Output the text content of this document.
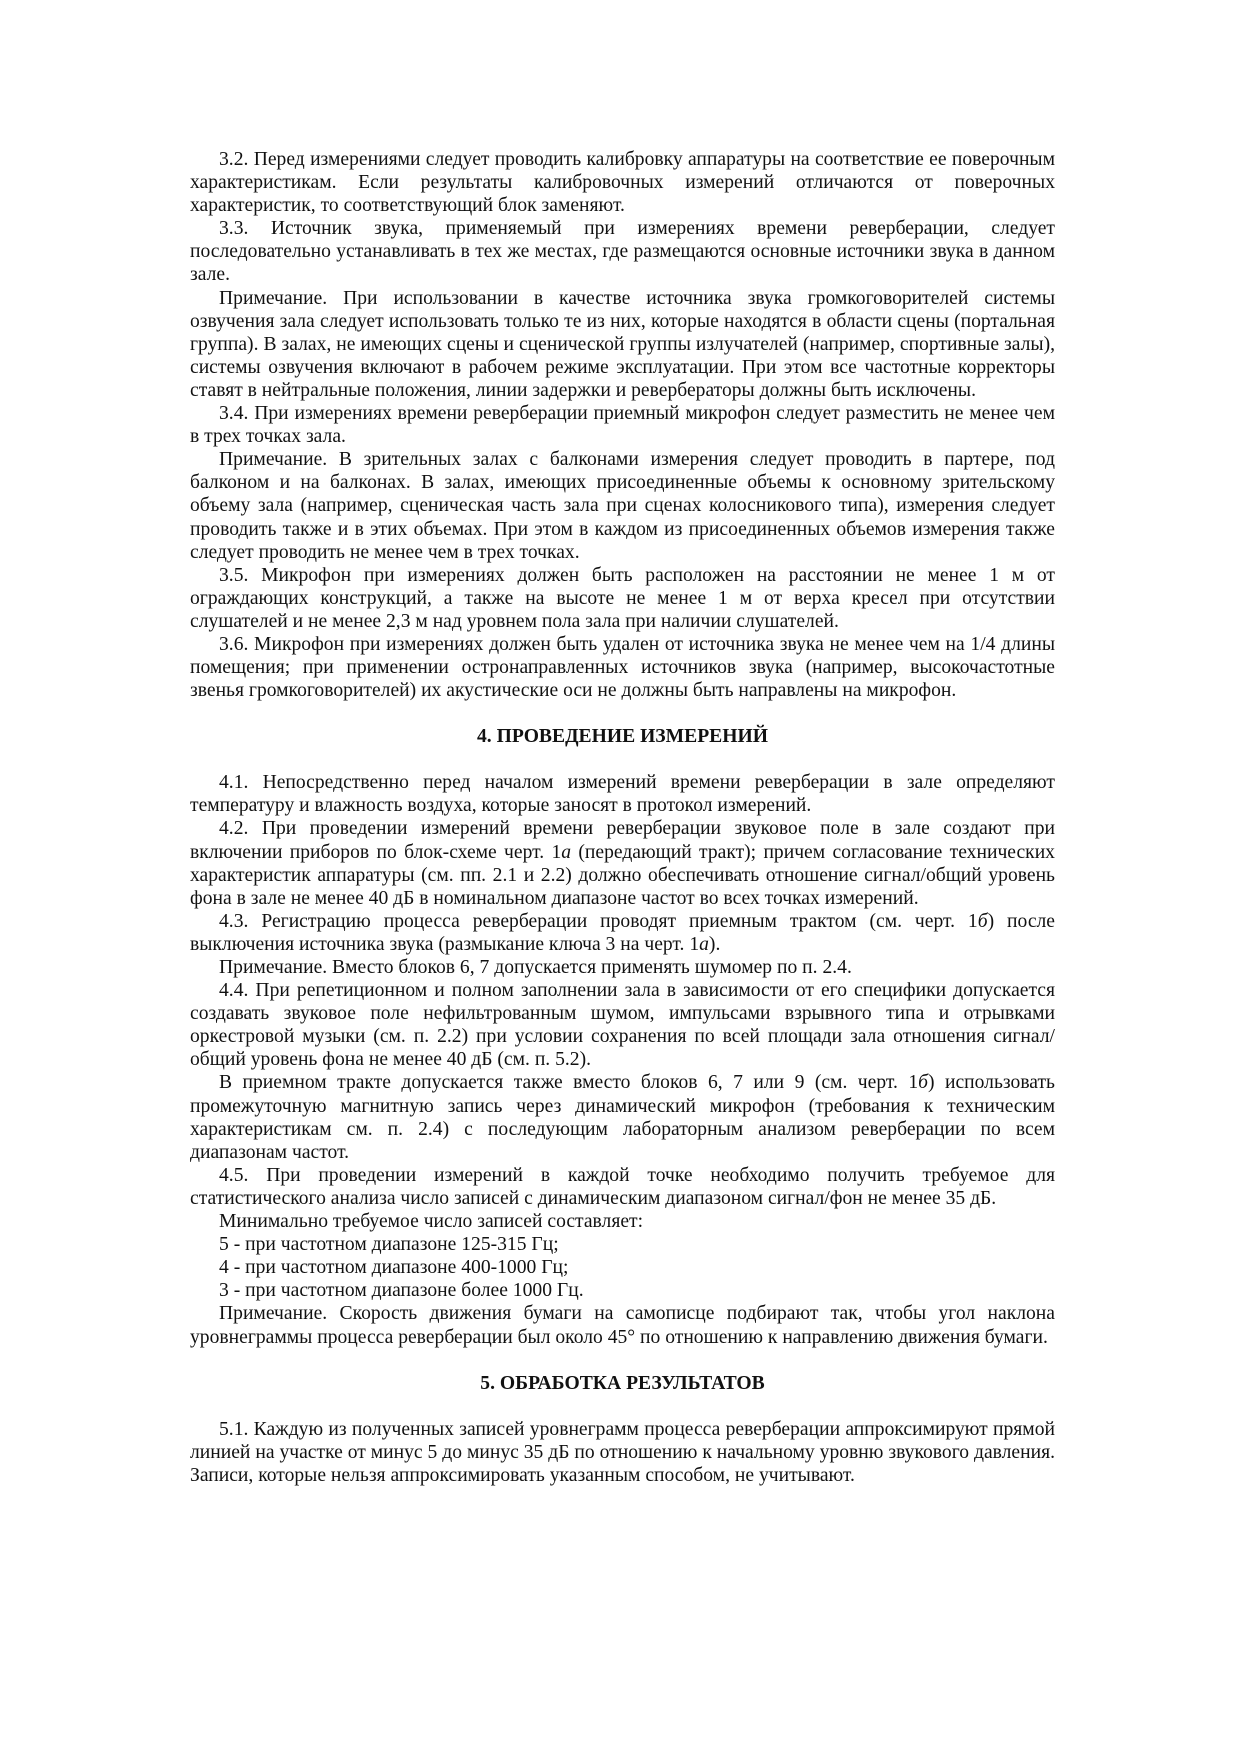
3.2. Перед измерениями следует проводить калибровку аппаратуры на соответствие ее поверочным характеристикам. Если результаты калибровочных измерений отличаются от поверочных характеристик, то соответствующий блок заменяют.

3.3. Источник звука, применяемый при измерениях времени реверберации, следует последовательно устанавливать в тех же местах, где размещаются основные источники звука в данном зале.

Примечание. При использовании в качестве источника звука громкоговорителей системы озвучения зала следует использовать только те из них, которые находятся в области сцены (портальная группа). В залах, не имеющих сцены и сценической группы излучателей (например, спортивные залы), системы озвучения включают в рабочем режиме эксплуатации. При этом все частотные корректоры ставят в нейтральные положения, линии задержки и ревербераторы должны быть исключены.

3.4. При измерениях времени реверберации приемный микрофон следует разместить не менее чем в трех точках зала.

Примечание. В зрительных залах с балконами измерения следует проводить в партере, под балконом и на балконах. В залах, имеющих присоединенные объемы к основному зрительскому объему зала (например, сценическая часть зала при сценах колосникового типа), измерения следует проводить также и в этих объемах. При этом в каждом из присоединенных объемов измерения также следует проводить не менее чем в трех точках.

3.5. Микрофон при измерениях должен быть расположен на расстоянии не менее 1 м от ограждающих конструкций, а также на высоте не менее 1 м от верха кресел при отсутствии слушателей и не менее 2,3 м над уровнем пола зала при наличии слушателей.

3.6. Микрофон при измерениях должен быть удален от источника звука не менее чем на 1/4 длины помещения; при применении остронаправленных источников звука (например, высокочастотные звенья громкоговорителей) их акустические оси не должны быть направлены на микрофон.

4. ПРОВЕДЕНИЕ ИЗМЕРЕНИЙ

4.1. Непосредственно перед началом измерений времени реверберации в зале определяют температуру и влажность воздуха, которые заносят в протокол измерений.

4.2. При проведении измерений времени реверберации звуковое поле в зале создают при включении приборов по блок-схеме черт. 1а (передающий тракт); причем согласование технических характеристик аппаратуры (см. пп. 2.1 и 2.2) должно обеспечивать отношение сигнал/общий уровень фона в зале не менее 40 дБ в номинальном диапазоне частот во всех точках измерений.

4.3. Регистрацию процесса реверберации проводят приемным трактом (см. черт. 1б) после выключения источника звука (размыкание ключа 3 на черт. 1а).

Примечание. Вместо блоков 6, 7 допускается применять шумомер по п. 2.4.

4.4. При репетиционном и полном заполнении зала в зависимости от его специфики допускается создавать звуковое поле нефильтрованным шумом, импульсами взрывного типа и отрывками оркестровой музыки (см. п. 2.2) при условии сохранения по всей площади зала отношения сигнал/общий уровень фона не менее 40 дБ (см. п. 5.2).

В приемном тракте допускается также вместо блоков 6, 7 или 9 (см. черт. 1б) использовать промежуточную магнитную запись через динамический микрофон (требования к техническим характеристикам см. п. 2.4) с последующим лабораторным анализом реверберации по всем диапазонам частот.

4.5. При проведении измерений в каждой точке необходимо получить требуемое для статистического анализа число записей с динамическим диапазоном сигнал/фон не менее 35 дБ.

Минимально требуемое число записей составляет:

5 - при частотном диапазоне 125-315 Гц;

4 - при частотном диапазоне 400-1000 Гц;

3 - при частотном диапазоне более 1000 Гц.

Примечание. Скорость движения бумаги на самописце подбирают так, чтобы угол наклона уровнеграммы процесса реверберации был около 45° по отношению к направлению движения бумаги.

5. ОБРАБОТКА РЕЗУЛЬТАТОВ

5.1. Каждую из полученных записей уровнеграмм процесса реверберации аппроксимируют прямой линией на участке от минус 5 до минус 35 дБ по отношению к начальному уровню звукового давления. Записи, которые нельзя аппроксимировать указанным способом, не учитывают.
